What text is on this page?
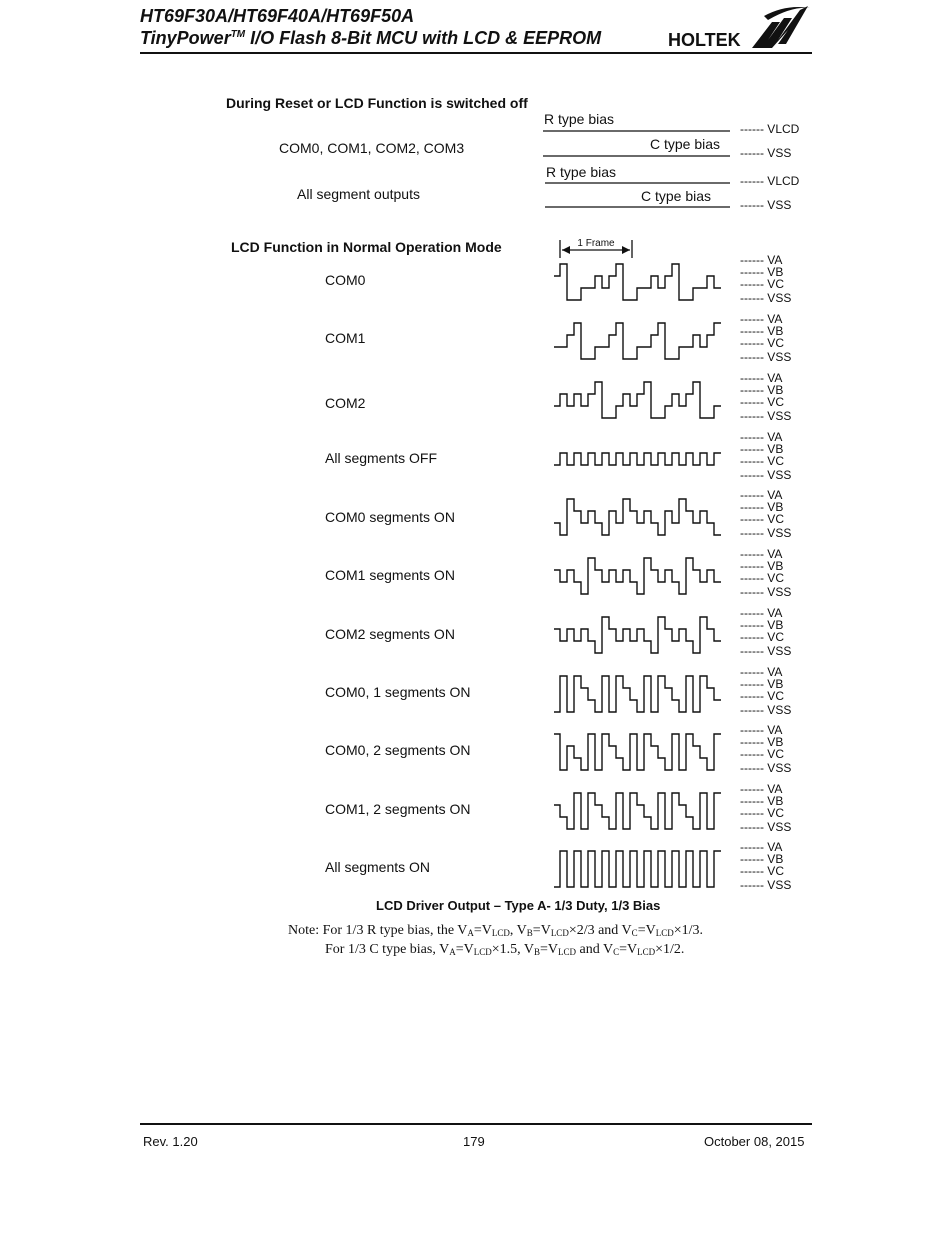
HT69F30A/HT69F40A/HT69F50A
TinyPower™ I/O Flash 8-Bit MCU with LCD & EEPROM	HOLTEK
During Reset or LCD Function is switched off
COM0, COM1, COM2, COM3
All segment outputs
R type bias
C type bias
R type bias
C type bias
------ VLCD
------ VSS
------ VLCD
------ VSS
LCD Function in Normal Operation Mode	1 Frame
COM0
------ VA
------ VB
------ VC
------ VSS
COM1
------ VA
------ VB
------ VC
------ VSS
COM2
------ VA
------ VB
------ VC
------ VSS
All segments OFF
------ VA
------ VB
------ VC
------ VSS
COM0 segments ON
------ VA
------ VB
------ VC
------ VSS
COM1 segments ON
------ VA
------ VB
------ VC
------ VSS
COM2 segments ON
------ VA
------ VB
------ VC
------ VSS
COM0, 1 segments ON
------ VA
------ VB
------ VC
------ VSS
COM0, 2 segments ON
------ VA
------ VB
------ VC
------ VSS
COM1, 2 segments ON
------ VA
------ VB
------ VC
------ VSS
All segments ON
------ VA
------ VB
------ VC
------ VSS
LCD Driver Output – Type A- 1/3 Duty, 1/3 Bias
Note: For 1/3 R type bias, the $V_A=V_{LCD}$, $V_B=V_{LCD}\times 2/3$ and $V_C=V_{LCD}\times 1/3$.
For 1/3 C type bias, $V_A=V_{LCD}\times 1.5$, $V_B=V_{LCD}$ and $V_C=V_{LCD}\times 1/2$.
Rev. 1.20	179	October 08, 2015
